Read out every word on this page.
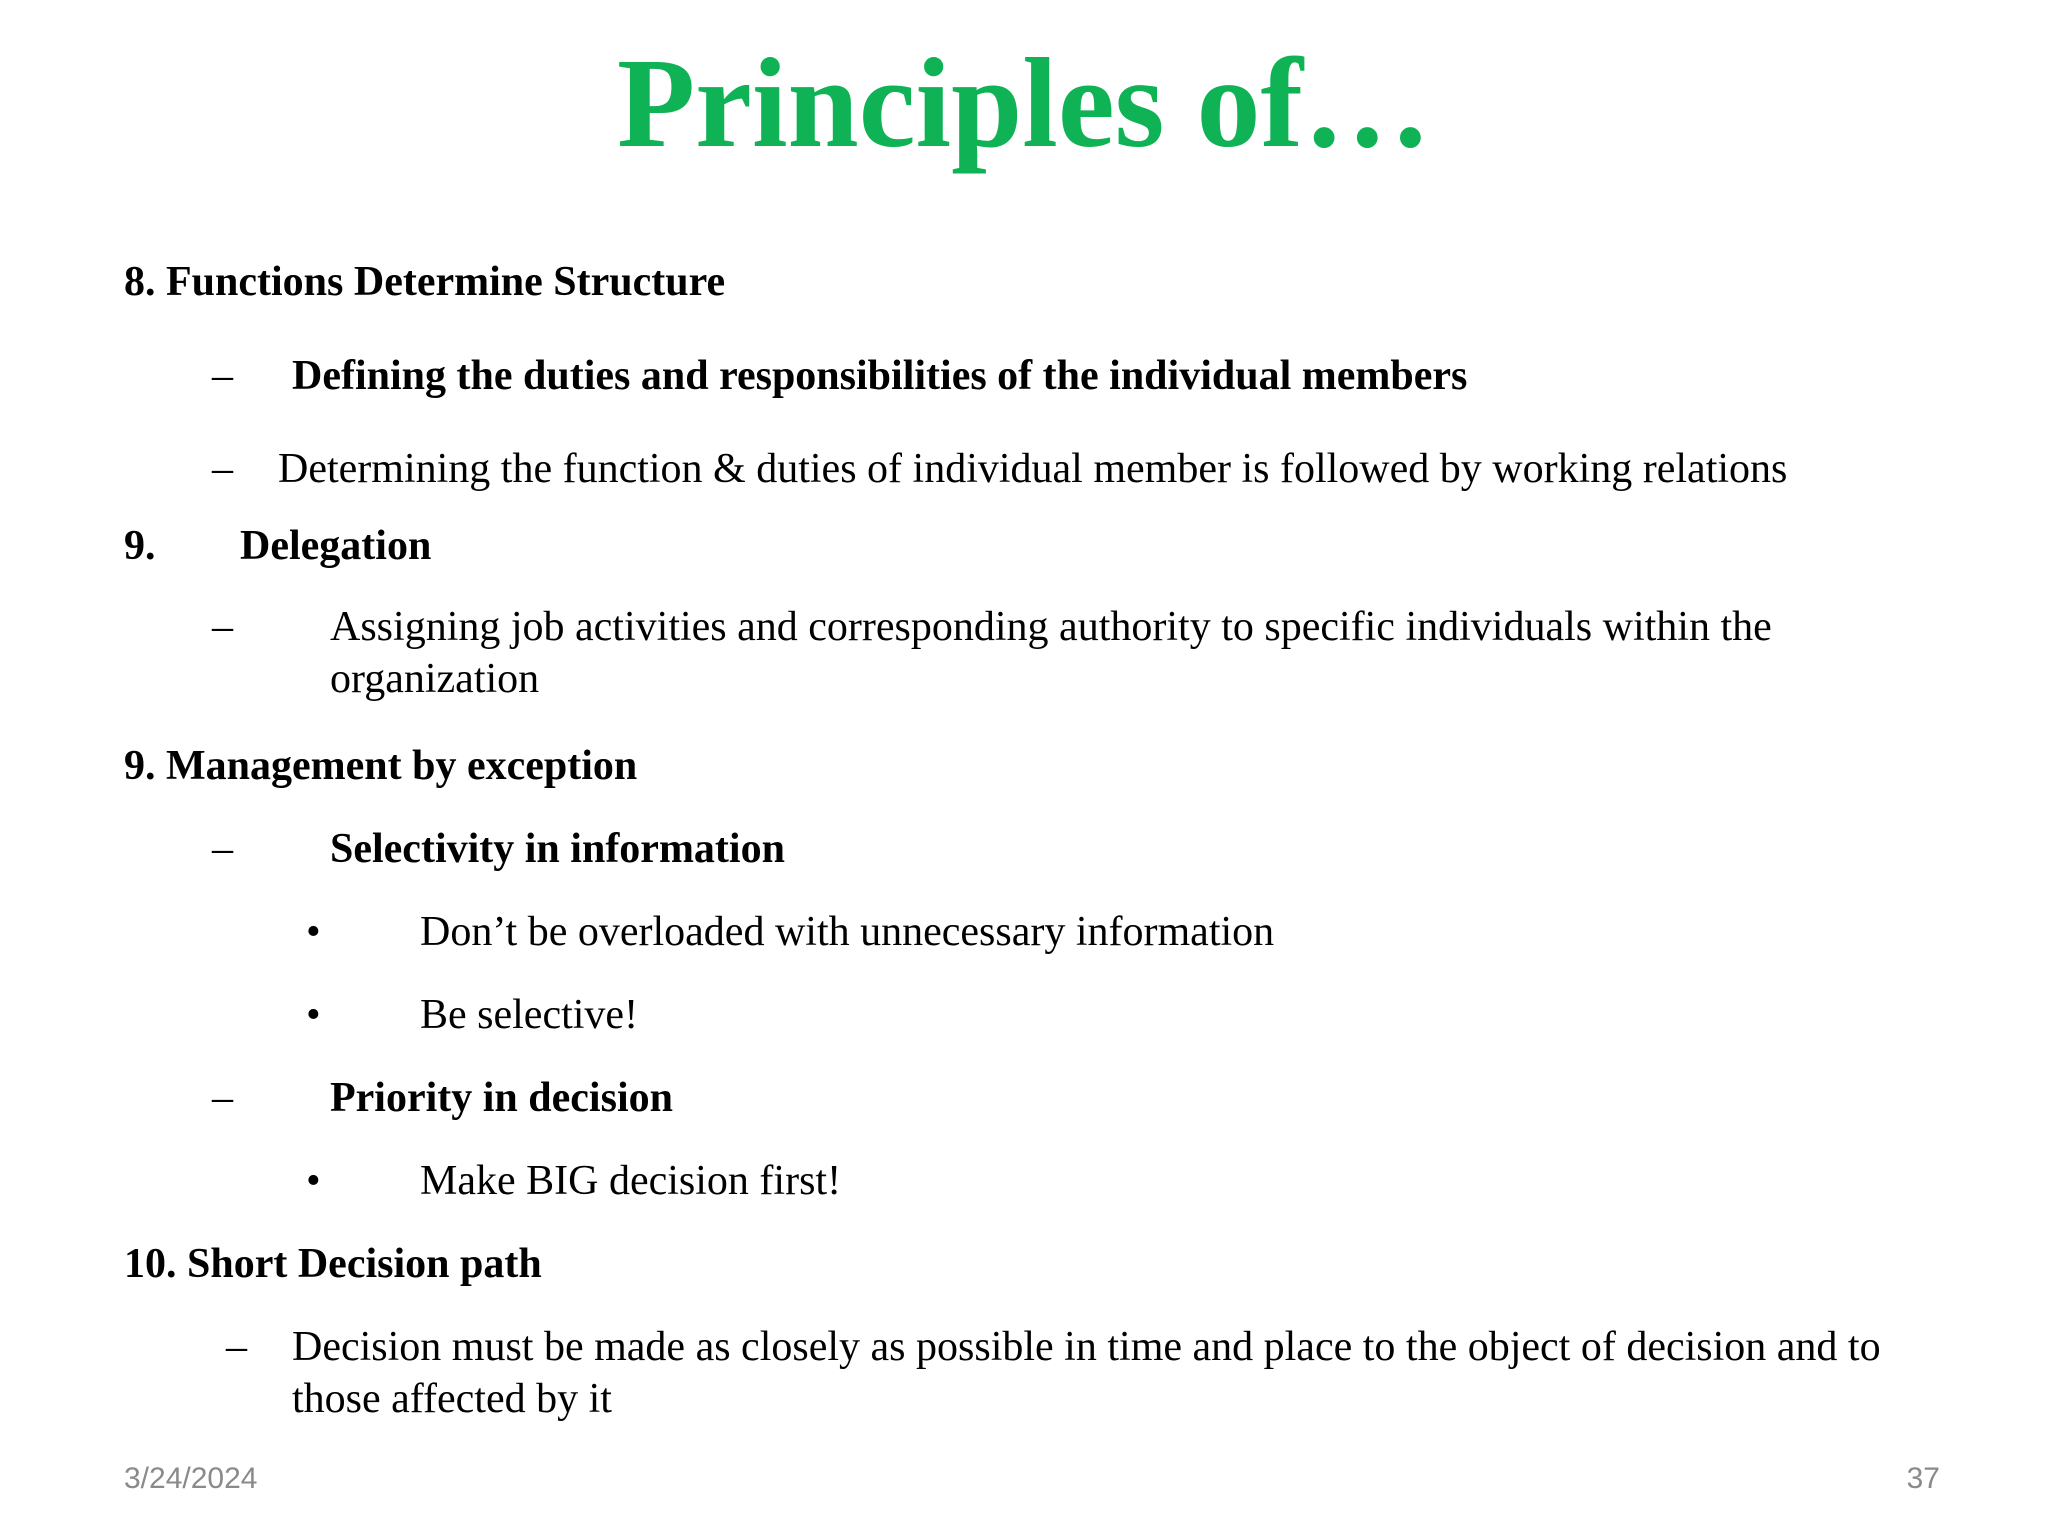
Principles of…
8. Functions Determine Structure
– Defining the duties and responsibilities of the individual members
– Determining the function & duties of individual member is followed by working relations
9. Delegation
– Assigning job activities and corresponding authority to specific individuals within the organization
9. Management by exception
– Selectivity in information
• Don’t be overloaded with unnecessary information
• Be selective!
– Priority in decision
• Make BIG decision first!
10. Short Decision path
– Decision must be made as closely as possible in time and place to the object of decision and to those affected by it
3/24/2024	37
